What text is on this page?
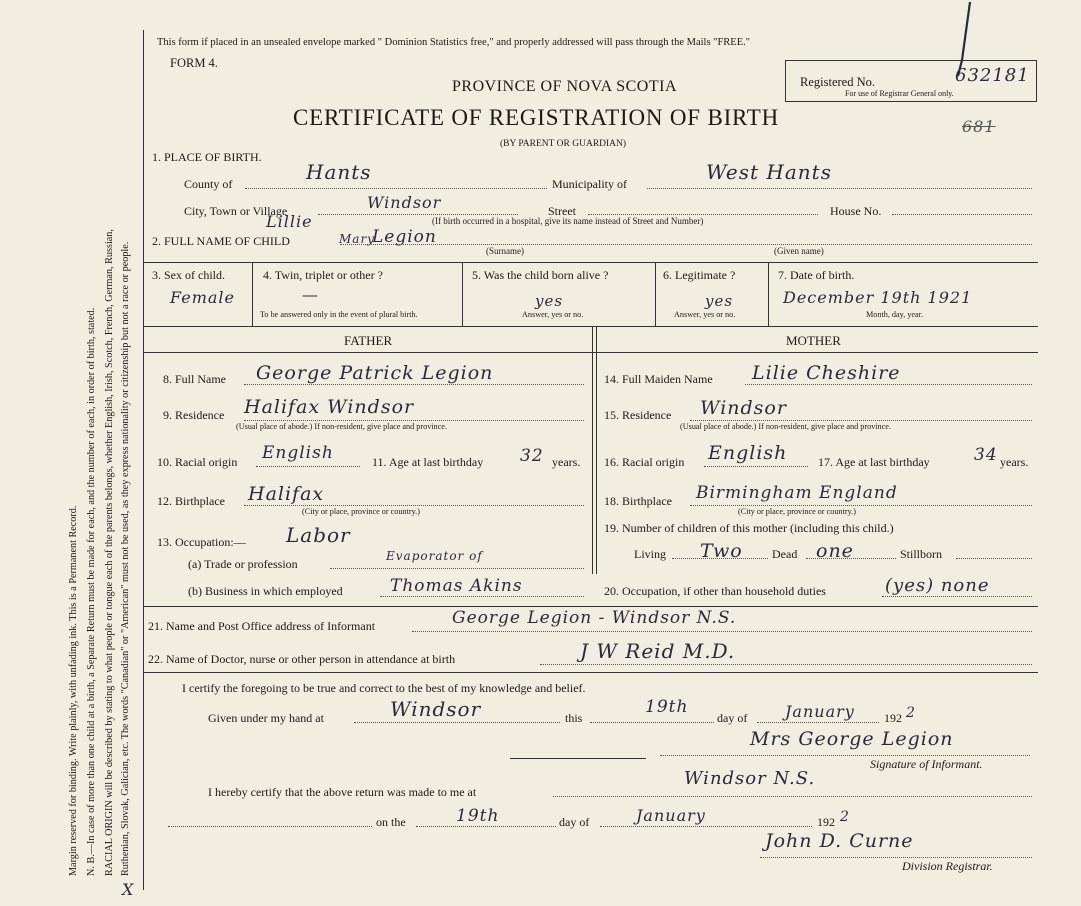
Margin reserved for binding. Write plainly, with unfading ink. This is a Permanent Record. N. B.—In case of more than one child at a birth, a Separate Return must be made for each, and the number of each, in order of birth, stated. RACIAL ORIGIN will be described by stating to what people or tongue each of the parents belongs, whether English, Irish, Scotch, French, German, Russian, Ruthenian, Slovak, Galician, etc. The words "Canadian" or "American" must not be used, as they express nationality or citizenship but not a race or people.
X
This form if placed in an unsealed envelope marked " Dominion Statistics free," and properly addressed will pass through the Mails "FREE."
FORM 4.
PROVINCE OF NOVA SCOTIA
CERTIFICATE OF REGISTRATION OF BIRTH
(BY PARENT OR GUARDIAN)
Registered No.	632181
For use of Registrar General only.
681
1. PLACE OF BIRTH.
County of	Hants	Municipality of	West Hants
City, Town or Village	Windsor	Street
(If birth occurred in a hospital, give its name instead of Street and Number)
House No.
2. FULL NAME OF CHILD
Lillie
Mary
Legion
(Surname)	(Given name)
3. Sex of child.
Female
4. Twin, triplet or other ?
—
To be answered only in the event of plural birth.
5. Was the child born alive ?
yes
Answer, yes or no.
6. Legitimate ?
yes
Answer, yes or no.
7. Date of birth.
December 19th 1921
Month, day, year.
FATHER	MOTHER
8. Full Name George Patrick Legion
9. Residence Halifax Windsor
(Usual place of abode.) If non-resident, give place and province.
10. Racial origin English	11. Age at last birthday 32 years.
12. Birthplace Halifax
(City or place, province or country.)
13. Occupation:— Labor
(a) Trade or profession
Evaporator of
(b) Business in which employed	Thomas Akins
14. Full Maiden Name Lilie Cheshire
15. Residence Windsor
(Usual place of abode.) If non-resident, give place and province.
16. Racial origin English	17. Age at last birthday	34 years.
18. Birthplace Birmingham England
(City or place, province or country.)
19. Number of children of this mother (including this child.)
Living Two Dead one	Stillborn
20. Occupation, if other than household duties	(yes) none
21. Name and Post Office address of Informant	George Legion - Windsor N.S.
22. Name of Doctor, nurse or other person in attendance at birth	J W Reid M.D.
I certify the foregoing to be true and correct to the best of my knowledge and belief.
Given under my hand at	Windsor	this
19th
day of January 192 2
Mrs George Legion
Signature of Informant.
I hereby certify that the above return was made to me at
Windsor N.S.
on the	19th	day of	January	192 2
John D. Curne
Division Registrar.
